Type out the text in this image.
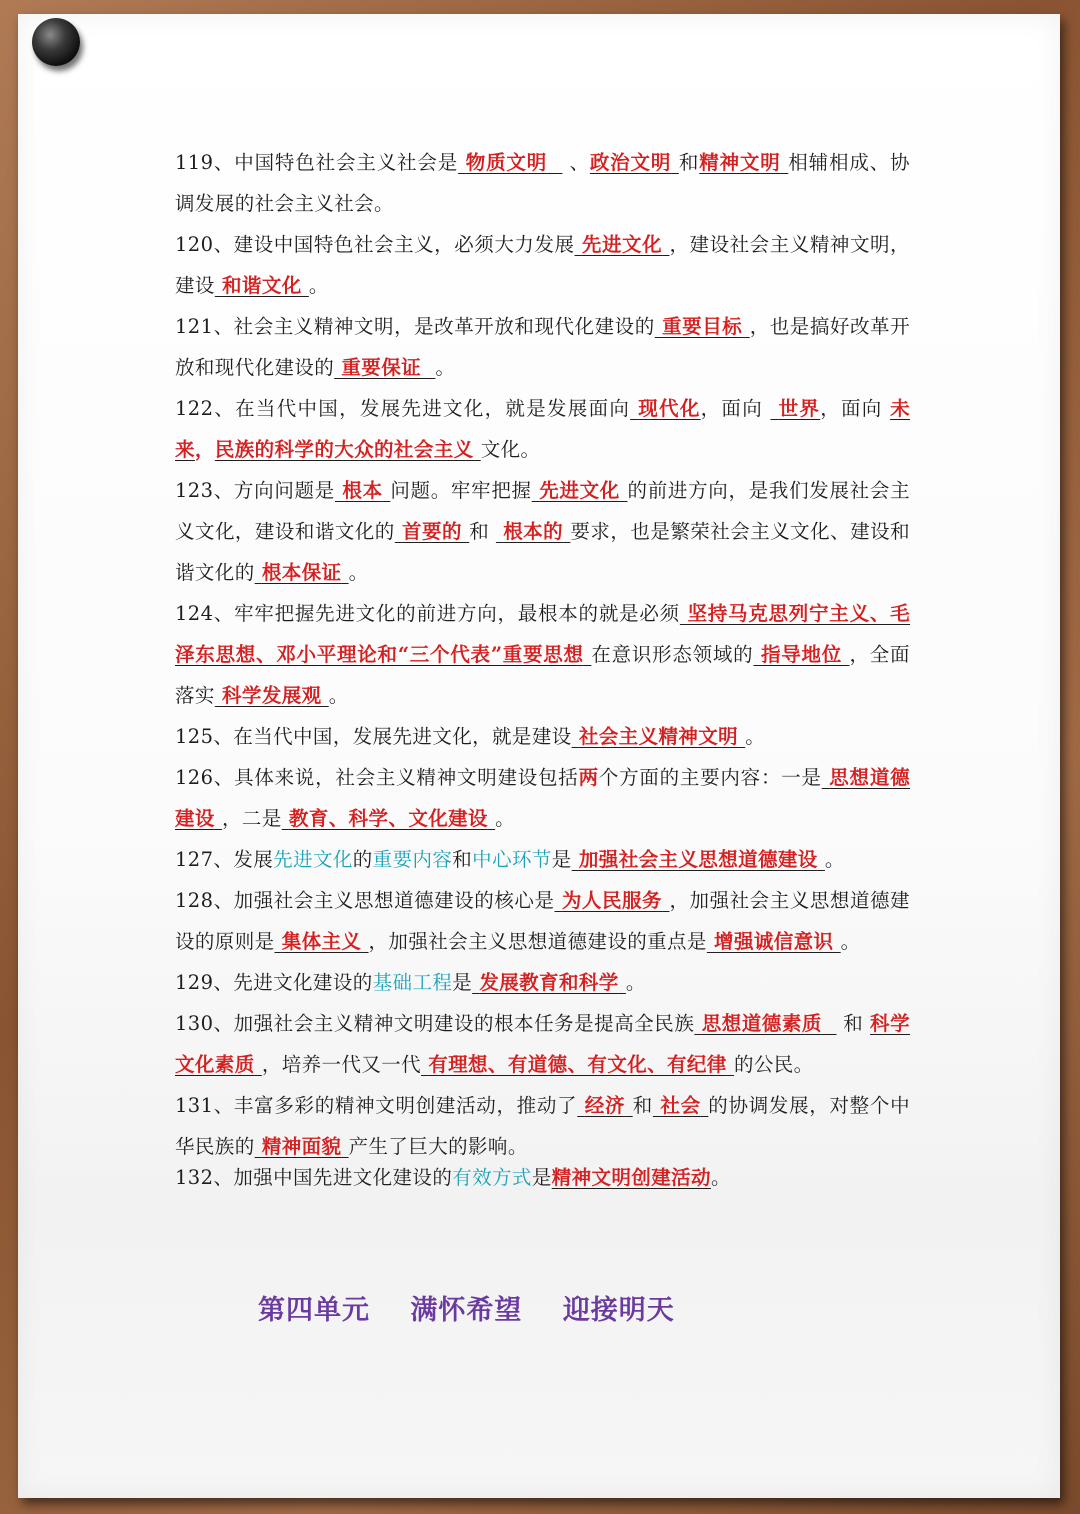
119、中国特色社会主义社会是 物质文明   、政治文明 和精神文明 相辅相成、协调发展的社会主义社会。

120、建设中国特色社会主义，必须大力发展 先进文化 ，建设社会主义精神文明，建设 和谐文化 。

121、社会主义精神文明，是改革开放和现代化建设的 重要目标 ，也是搞好改革开放和现代化建设的 重要保证 。

122、在当代中国，发展先进文化，就是发展面向 现代化，面向  世界，面向 未来，民族的科学的大众的社会主义 文化。

123、方向问题是 根本 问题。牢牢把握 先进文化 的前进方向，是我们发展社会主义文化，建设和谐文化的 首要的 和  根本的 要求，也是繁荣社会主义文化、建设和谐文化的 根本保证 。

124、牢牢把握先进文化的前进方向，最根本的就是必须 坚持马克思列宁主义、毛泽东思想、邓小平理论和“三个代表”重要思想 在意识形态领域的 指导地位 ，全面落实 科学发展观 。

125、在当代中国，发展先进文化，就是建设 社会主义精神文明 。

126、具体来说，社会主义精神文明建设包括两个方面的主要内容：一是 思想道德建设 ，二是 教育、科学、文化建设 。

127、发展先进文化的重要内容和中心环节是 加强社会主义思想道德建设 。

128、加强社会主义思想道德建设的核心是 为人民服务 ，加强社会主义思想道德建设的原则是 集体主义 ，加强社会主义思想道德建设的重点是 增强诚信意识 。

129、先进文化建设的基础工程是 发展教育和科学 。

130、加强社会主义精神文明建设的根本任务是提高全民族 思想道德素质   和 科学文化素质 ，培养一代又一代 有理想、有道德、有文化、有纪律 的公民。

131、丰富多彩的精神文明创建活动，推动了 经济 和 社会 的协调发展，对整个中华民族的 精神面貌 产生了巨大的影响。

132、加强中国先进文化建设的有效方式是精神文明创建活动。

第四单元 满怀希望 迎接明天
